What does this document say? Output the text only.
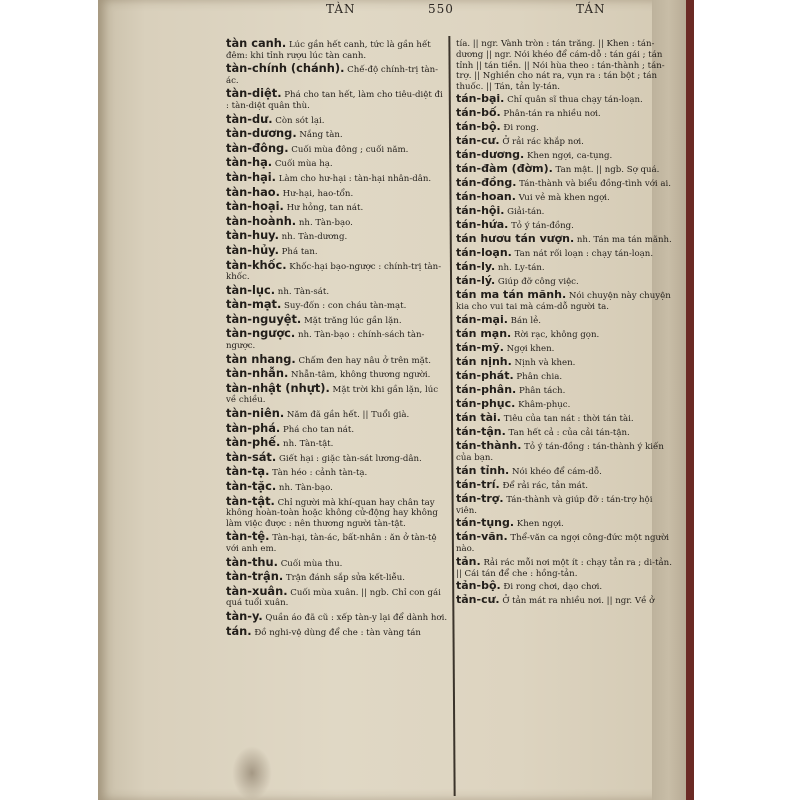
TÀN	550	TÁN

tàn canh. Lúc gần hết canh, tức là gần hết đêm: khi tỉnh rượu lúc tàn canh.

tàn-chính (chánh). Chế-độ chính-trị tàn-ác.

tàn-diệt. Phá cho tan hết, làm cho tiêu-diệt đi : tàn-diệt quân thù.

tàn-dư. Còn sót lại.

tàn-dương. Nắng tàn.

tàn-đông. Cuối mùa đông ; cuối năm.

tàn-hạ. Cuối mùa hạ.

tàn-hại. Làm cho hư-hại : tàn-hại nhân-dân.

tàn-hao. Hư-hại, hao-tổn.

tàn-hoại. Hư hỏng, tan nát.

tàn-hoành. nh. Tàn-bạo.

tàn-huy. nh. Tàn-dương.

tàn-hủy. Phá tan.

tàn-khốc. Khốc-hại bạo-ngược : chính-trị tàn-khốc.

tàn-lục. nh. Tàn-sát.

tàn-mạt. Suy-đốn : con cháu tàn-mạt.

tàn-nguyệt. Mặt trăng lúc gần lặn.

tàn-ngược. nh. Tàn-bạo : chính-sách tàn-ngược.

tàn nhang. Chấm đen hay nâu ở trên mặt.

tàn-nhẫn. Nhẫn-tâm, không thương người.

tàn-nhật (nhựt). Mặt trời khi gần lặn, lúc về chiều.

tàn-niên. Năm đã gần hết. || Tuổi già.

tàn-phá. Phá cho tan nát.

tàn-phế. nh. Tàn-tật.

tàn-sát. Giết hại : giặc tàn-sát lương-dân.

tàn-tạ. Tàn héo : cảnh tàn-tạ.

tàn-tặc. nh. Tàn-bạo.

tàn-tật. Chỉ người mà khí-quan hay chân tay không hoàn-toàn hoặc không cử-động hay không làm việc được : nên thương người tàn-tật.

tàn-tệ. Tàn-hại, tàn-ác, bất-nhân : ăn ở tàn-tệ với anh em.

tàn-thu. Cuối mùa thu.

tàn-trận. Trận đánh sắp sửa kết-liễu.

tàn-xuân. Cuối mùa xuân. || ngb. Chỉ con gái quá tuổi xuân.

tàn-y. Quần áo đã cũ : xếp tàn-y lại để dành hơi.

tán. Đồ nghi-vệ dùng để che : tàn vàng tán

tía. || ngr. Vành tròn : tán trăng. || Khen : tán-dương || ngr. Nói khéo để cám-dỗ : tán gái ; tán tỉnh || tán tiền. || Nói hùa theo : tán-thành ; tán-trợ. || Nghiền cho nát ra, vụn ra : tán bột ; tán thuốc. || Tán, tản ly-tán.

tán-bại. Chỉ quân sĩ thua chạy tán-loạn.

tán-bố. Phân-tán ra nhiều nơi.

tán-bộ. Đi rong.

tán-cư. Ở rải rác khắp nơi.

tán-dương. Khen ngợi, ca-tụng.

tán-đàm (đờm). Tan mật. || ngb. Sợ quá.

tán-đồng. Tán-thành và biểu đồng-tình với ai.

tán-hoan. Vui vẻ mà khen ngợi.

tán-hội. Giải-tán.

tán-hứa. Tỏ ý tán-đồng.

tán hươu tán vượn. nh. Tán ma tán mãnh.

tán-loạn. Tan nát rối loạn : chạy tán-loạn.

tán-ly. nh. Ly-tán.

tán-lý. Giúp đỡ công việc.

tán ma tán mãnh. Nói chuyện này chuyện kia cho vui tai mà cám-dỗ người ta.

tán-mại. Bán lẻ.

tán mạn. Rời rạc, không gọn.

tán-mỹ. Ngợi khen.

tán nịnh. Nịnh và khen.

tán-phát. Phân chia.

tán-phân. Phân tách.

tán-phục. Khâm-phục.

tán tài. Tiêu của tan nát : thời tán tài.

tán-tận. Tan hết cả : của cải tán-tận.

tán-thành. Tỏ ý tán-đồng : tán-thành ý kiến của bạn.

tán tỉnh. Nói khéo để cám-dỗ.

tán-trí. Để rải rác, tản mát.

tán-trợ. Tán-thành và giúp đỡ : tán-trợ hội viên.

tán-tụng. Khen ngợi.

tán-văn. Thể-văn ca ngợi công-đức một người nào.

tản. Rải rác mỗi nơi một ít : chạy tản ra ; di-tản. || Cái tán để che : hồng-tản.

tản-bộ. Đi rong chơi, dạo chơi.

tản-cư. Ở tản mát ra nhiều nơi. || ngr. Về ở
